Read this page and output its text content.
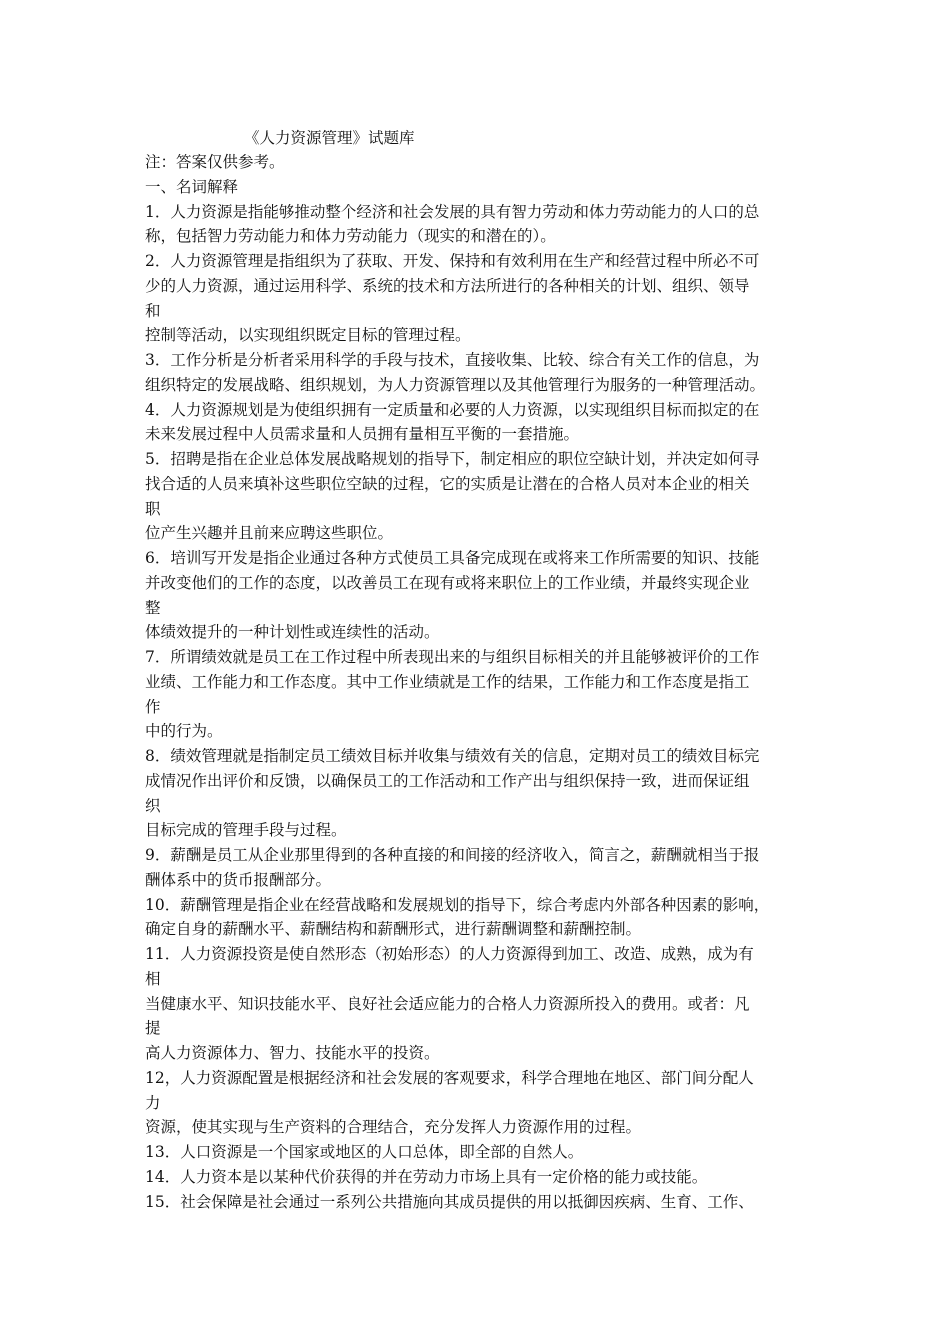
《人力资源管理》试题库
注：答案仅供参考。
一、名词解释
1．人力资源是指能够推动整个经济和社会发展的具有智力劳动和体力劳动能力的人口的总
称，包括智力劳动能力和体力劳动能力（现实的和潜在的）。
2．人力资源管理是指组织为了获取、开发、保持和有效利用在生产和经营过程中所必不可
少的人力资源，通过运用科学、系统的技术和方法所进行的各种相关的计划、组织、领导
和
控制等活动，以实现组织既定目标的管理过程。
3．工作分析是分析者采用科学的手段与技术，直接收集、比较、综合有关工作的信息，为
组织特定的发展战略、组织规划，为人力资源管理以及其他管理行为服务的一种管理活动。
4．人力资源规划是为使组织拥有一定质量和必要的人力资源，以实现组织目标而拟定的在
未来发展过程中人员需求量和人员拥有量相互平衡的一套措施。
5．招聘是指在企业总体发展战略规划的指导下，制定相应的职位空缺计划，并决定如何寻
找合适的人员来填补这些职位空缺的过程，它的实质是让潜在的合格人员对本企业的相关
职
位产生兴趣并且前来应聘这些职位。
6．培训写开发是指企业通过各种方式使员工具备完成现在或将来工作所需要的知识、技能
并改变他们的工作的态度，以改善员工在现有或将来职位上的工作业绩，并最终实现企业
整
体绩效提升的一种计划性或连续性的活动。
7．所谓绩效就是员工在工作过程中所表现出来的与组织目标相关的并且能够被评价的工作
业绩、工作能力和工作态度。其中工作业绩就是工作的结果，工作能力和工作态度是指工
作
中的行为。
8．绩效管理就是指制定员工绩效目标并收集与绩效有关的信息，定期对员工的绩效目标完
成情况作出评价和反馈，以确保员工的工作活动和工作产出与组织保持一致，进而保证组
织
目标完成的管理手段与过程。
9．薪酬是员工从企业那里得到的各种直接的和间接的经济收入，简言之，薪酬就相当于报
酬体系中的货币报酬部分。
10．薪酬管理是指企业在经营战略和发展规划的指导下，综合考虑内外部各种因素的影响，
确定自身的薪酬水平、薪酬结构和薪酬形式，进行薪酬调整和薪酬控制。
11．人力资源投资是使自然形态（初始形态）的人力资源得到加工、改造、成熟，成为有
相
当健康水平、知识技能水平、良好社会适应能力的合格人力资源所投入的费用。或者：凡
提
高人力资源体力、智力、技能水平的投资。
12，人力资源配置是根据经济和社会发展的客观要求，科学合理地在地区、部门间分配人
力
资源，使其实现与生产资料的合理结合，充分发挥人力资源作用的过程。
13．人口资源是一个国家或地区的人口总体，即全部的自然人。
14．人力资本是以某种代价获得的并在劳动力市场上具有一定价格的能力或技能。
15．社会保障是社会通过一系列公共措施向其成员提供的用以抵御因疾病、生育、工作、
